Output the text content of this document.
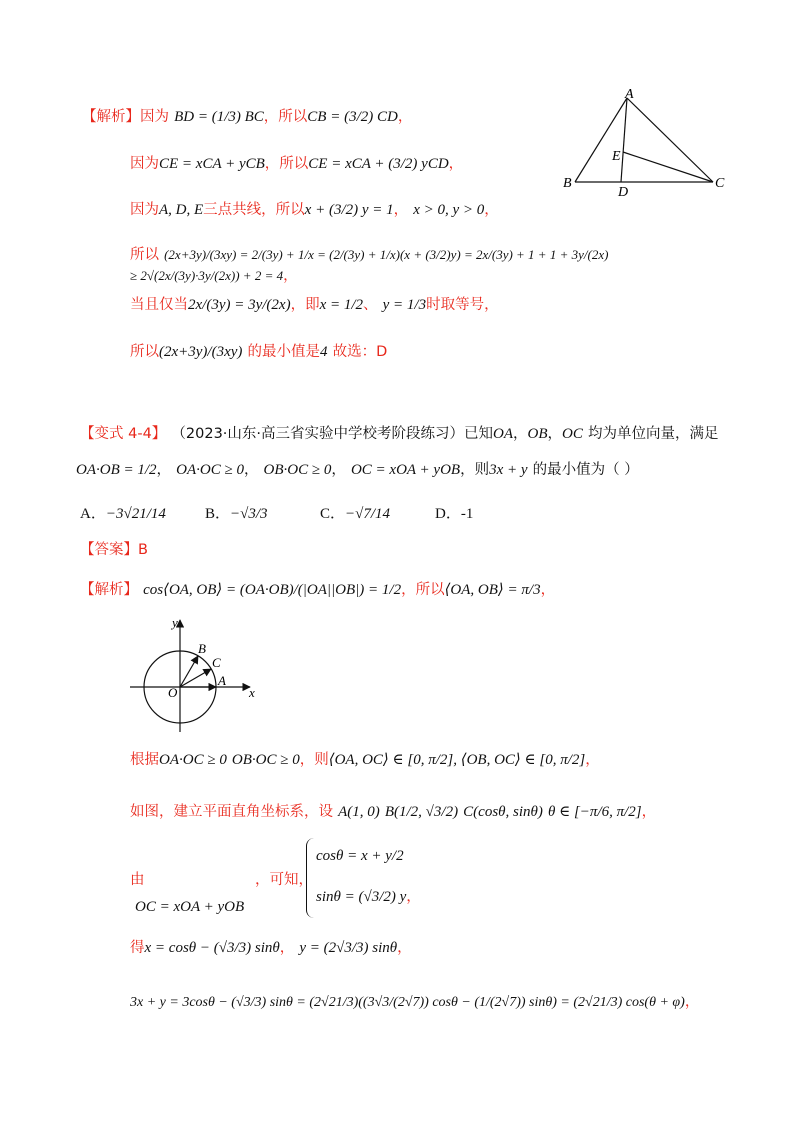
A
B	C
D
E
【解析】因为 BD = (1/3) BC，所以CB = (3/2) CD，
因为CE = xCA + yCB，所以CE = xCA + (3/2) yCD，
因为A, D, E三点共线，所以x + (3/2) y = 1， x > 0, y > 0，
所以 (2x+3y)/(3xy) = 2/(3y) + 1/x = (2/(3y) + 1/x)(x + (3/2)y) = 2x/(3y) + 1 + 1 + 3y/(2x) ≥ 2√(2x/(3y)·3y/(2x)) + 2 = 4，
当且仅当2x/(3y) = 3y/(2x)，即x = 1/2、 y = 1/3时取等号，
所以(2x+3y)/(3xy) 的最小值是4 故选：D
【变式 4-4】 （2023·山东·高三省实验中学校考阶段练习）已知OA，OB，OC 均为单位向量，满足
OA·OB = 1/2， OA·OC ≥ 0， OB·OC ≥ 0， OC = xOA + yOB，则3x + y 的最小值为（ ）
A．−3√21/14	B．−√3/3	C．−√7/14	D．-1
【答案】B
【解析】 cos⟨OA, OB⟩ = (OA·OB)/(|OA||OB|) = 1/2，所以⟨OA, OB⟩ = π/3，
y
x
O
A
B
C
根据OA·OC ≥ 0 OB·OC ≥ 0，则⟨OA, OC⟩ ∈ [0, π/2], ⟨OB, OC⟩ ∈ [0, π/2]，
如图，建立平面直角坐标系，设 A(1, 0) B(1/2, √3/2) C(cosθ, sinθ) θ ∈ [−π/6, π/2]，
由
OC = xOA + yOB
，可知，
cosθ = x + y/2
sinθ = (√3/2) y，
得x = cosθ − (√3/3) sinθ， y = (2√3/3) sinθ，
3x + y = 3cosθ − (√3/3) sinθ = (2√21/3)((3√3/(2√7)) cosθ − (1/(2√7)) sinθ) = (2√21/3) cos(θ + φ)，
